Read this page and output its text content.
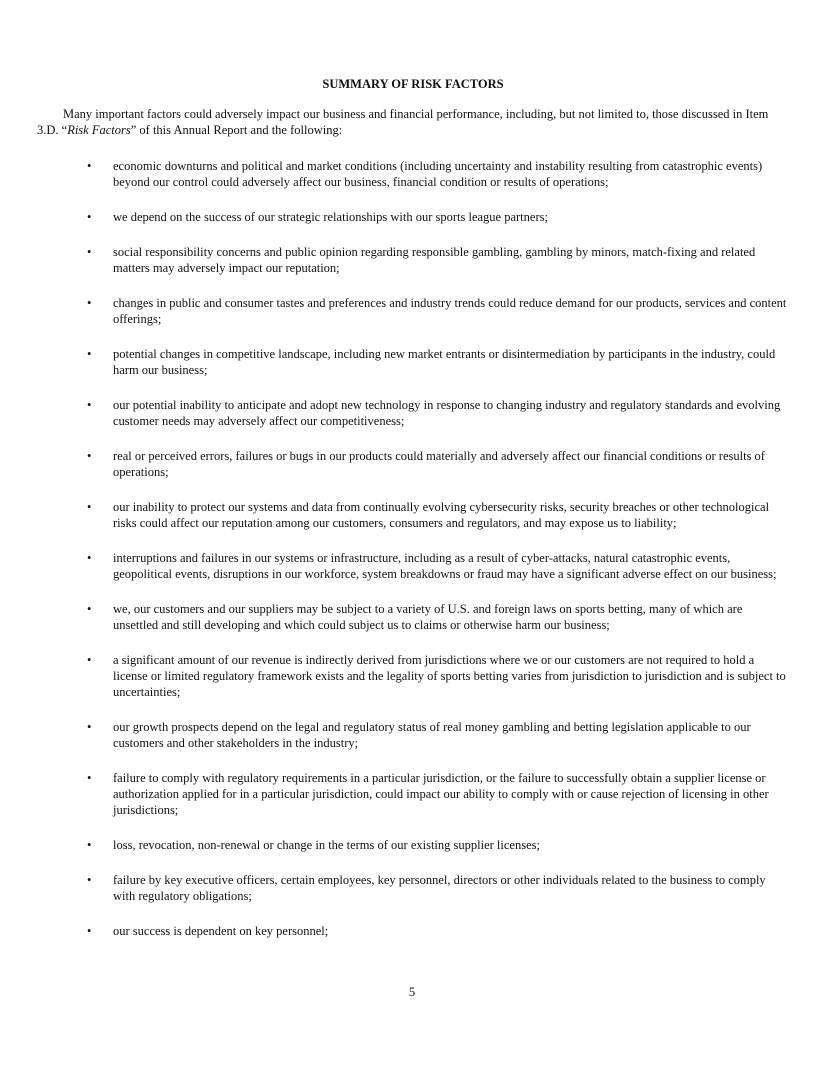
SUMMARY OF RISK FACTORS

Many important factors could adversely impact our business and financial performance, including, but not limited to, those discussed in Item 3.D. “Risk Factors” of this Annual Report and the following:

• economic downturns and political and market conditions (including uncertainty and instability resulting from catastrophic events) beyond our control could adversely affect our business, financial condition or results of operations;
• we depend on the success of our strategic relationships with our sports league partners;
• social responsibility concerns and public opinion regarding responsible gambling, gambling by minors, match-fixing and related matters may adversely impact our reputation;
• changes in public and consumer tastes and preferences and industry trends could reduce demand for our products, services and content offerings;
• potential changes in competitive landscape, including new market entrants or disintermediation by participants in the industry, could harm our business;
• our potential inability to anticipate and adopt new technology in response to changing industry and regulatory standards and evolving customer needs may adversely affect our competitiveness;
• real or perceived errors, failures or bugs in our products could materially and adversely affect our financial conditions or results of operations;
• our inability to protect our systems and data from continually evolving cybersecurity risks, security breaches or other technological risks could affect our reputation among our customers, consumers and regulators, and may expose us to liability;
• interruptions and failures in our systems or infrastructure, including as a result of cyber-attacks, natural catastrophic events, geopolitical events, disruptions in our workforce, system breakdowns or fraud may have a significant adverse effect on our business;
• we, our customers and our suppliers may be subject to a variety of U.S. and foreign laws on sports betting, many of which are unsettled and still developing and which could subject us to claims or otherwise harm our business;
• a significant amount of our revenue is indirectly derived from jurisdictions where we or our customers are not required to hold a license or limited regulatory framework exists and the legality of sports betting varies from jurisdiction to jurisdiction and is subject to uncertainties;
• our growth prospects depend on the legal and regulatory status of real money gambling and betting legislation applicable to our customers and other stakeholders in the industry;
• failure to comply with regulatory requirements in a particular jurisdiction, or the failure to successfully obtain a supplier license or authorization applied for in a particular jurisdiction, could impact our ability to comply with or cause rejection of licensing in other jurisdictions;
• loss, revocation, non-renewal or change in the terms of our existing supplier licenses;
• failure by key executive officers, certain employees, key personnel, directors or other individuals related to the business to comply with regulatory obligations;
• our success is dependent on key personnel;
5
